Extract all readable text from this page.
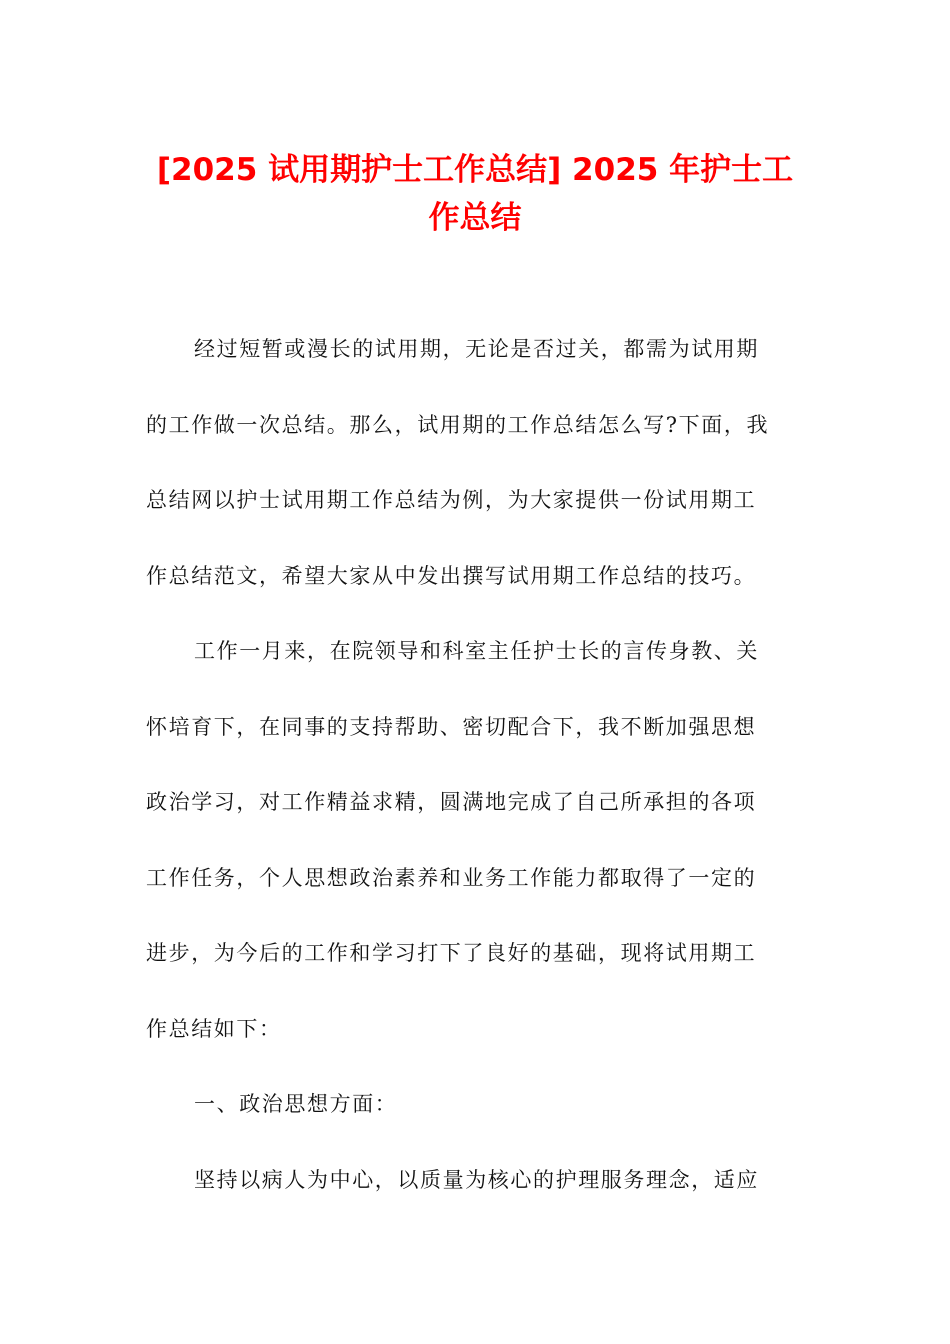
[2025 试用期护士工作总结] 2025 年护士工
作总结
经过短暂或漫长的试用期，无论是否过关，都需为试用期
的工作做一次总结。那么，试用期的工作总结怎么写?下面，我
总结网以护士试用期工作总结为例，为大家提供一份试用期工
作总结范文，希望大家从中发出撰写试用期工作总结的技巧。
工作一月来，在院领导和科室主任护士长的言传身教、关
怀培育下，在同事的支持帮助、密切配合下，我不断加强思想
政治学习，对工作精益求精，圆满地完成了自己所承担的各项
工作任务，个人思想政治素养和业务工作能力都取得了一定的
进步，为今后的工作和学习打下了良好的基础，现将试用期工
作总结如下：
一、政治思想方面：
坚持以病人为中心，以质量为核心的护理服务理念，适应
